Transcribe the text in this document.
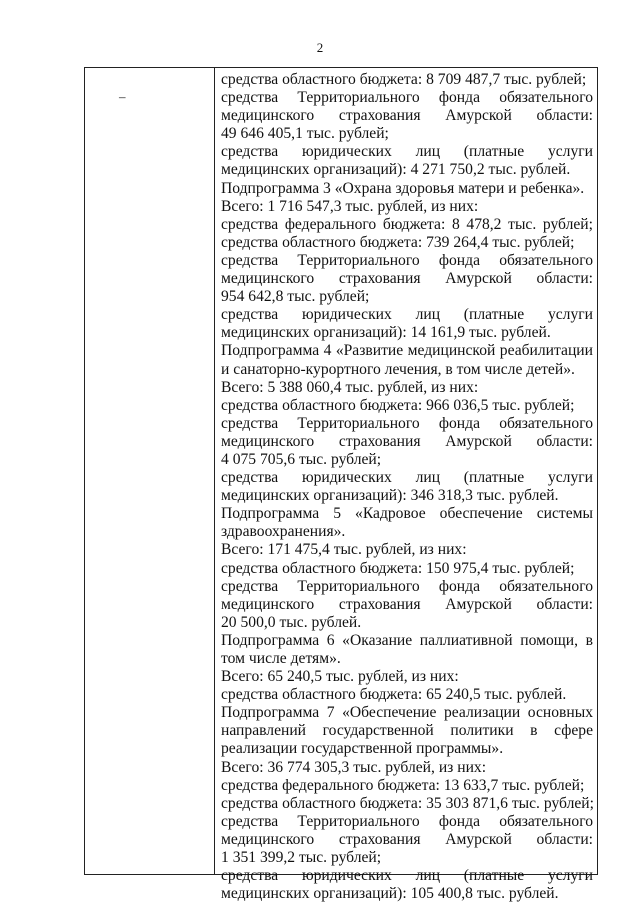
2
–
средства областного бюджета: 8 709 487,7 тыс. рублей;
средства Территориального фонда обязательного
медицинского страхования Амурской области:
49 646 405,1 тыс. рублей;
средства юридических лиц (платные услуги
медицинских организаций): 4 271 750,2 тыс. рублей.
Подпрограмма 3 «Охрана здоровья матери и ребенка».
Всего: 1 716 547,3 тыс. рублей, из них:
средства федерального бюджета: 8 478,2 тыс. рублей;
средства областного бюджета: 739 264,4 тыс. рублей;
средства Территориального фонда обязательного
медицинского страхования Амурской области:
954 642,8 тыс. рублей;
средства юридических лиц (платные услуги
медицинских организаций): 14 161,9 тыс. рублей.
Подпрограмма 4 «Развитие медицинской реабилитации
и санаторно-курортного лечения, в том числе детей».
Всего: 5 388 060,4 тыс. рублей, из них:
средства областного бюджета: 966 036,5 тыс. рублей;
средства Территориального фонда обязательного
медицинского страхования Амурской области:
4 075 705,6 тыс. рублей;
средства юридических лиц (платные услуги
медицинских организаций): 346 318,3 тыс. рублей.
Подпрограмма 5 «Кадровое обеспечение системы
здравоохранения».
Всего: 171 475,4 тыс. рублей, из них:
средства областного бюджета: 150 975,4 тыс. рублей;
средства Территориального фонда обязательного
медицинского страхования Амурской области:
20 500,0 тыс. рублей.
Подпрограмма 6 «Оказание паллиативной помощи, в
том числе детям».
Всего: 65 240,5 тыс. рублей, из них:
средства областного бюджета: 65 240,5 тыс. рублей.
Подпрограмма 7 «Обеспечение реализации основных
направлений государственной политики в сфере
реализации государственной программы».
Всего: 36 774 305,3 тыс. рублей, из них:
средства федерального бюджета: 13 633,7 тыс. рублей;
средства областного бюджета: 35 303 871,6 тыс. рублей;
средства Территориального фонда обязательного
медицинского страхования Амурской области:
1 351 399,2 тыс. рублей;
средства юридических лиц (платные услуги
медицинских организаций): 105 400,8 тыс. рублей.
